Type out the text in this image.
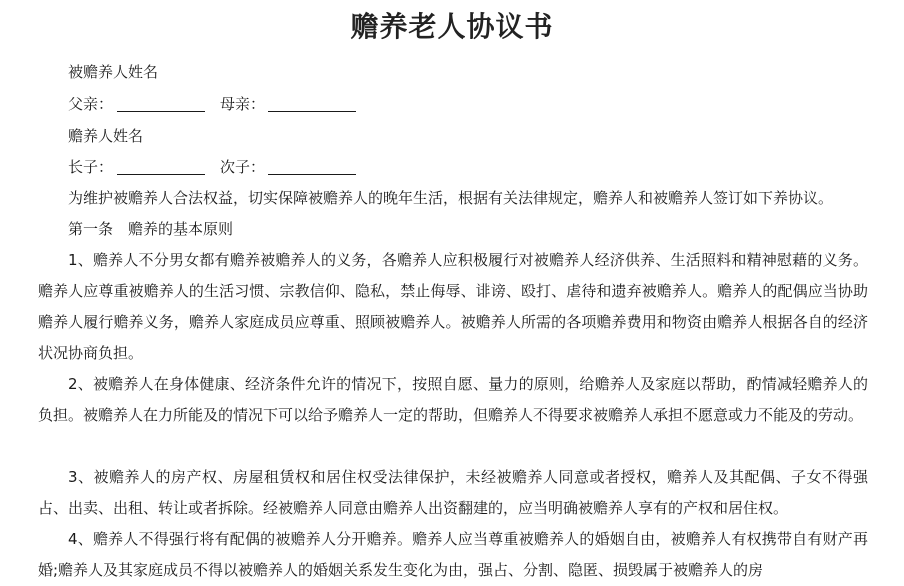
赡养老人协议书
被赡养人姓名
父亲：	母亲：
赡养人姓名
长子：	次子：
为维护被赡养人合法权益，切实保障被赡养人的晚年生活，根据有关法律规定，赡养人和被赡养人签订如下养协议。
第一条　赡养的基本原则
1、赡养人不分男女都有赡养被赡养人的义务，各赡养人应积极履行对被赡养人经济供养、生活照料和精神慰藉的义务。赡养人应尊重被赡养人的生活习惯、宗教信仰、隐私，禁止侮辱、诽谤、殴打、虐待和遗弃被赡养人。赡养人的配偶应当协助赡养人履行赡养义务，赡养人家庭成员应尊重、照顾被赡养人。被赡养人所需的各项赡养费用和物资由赡养人根据各自的经济状况协商负担。
2、被赡养人在身体健康、经济条件允许的情况下，按照自愿、量力的原则，给赡养人及家庭以帮助，酌情减轻赡养人的负担。被赡养人在力所能及的情况下可以给予赡养人一定的帮助，但赡养人不得要求被赡养人承担不愿意或力不能及的劳动。
3、被赡养人的房产权、房屋租赁权和居住权受法律保护，未经被赡养人同意或者授权，赡养人及其配偶、子女不得强占、出卖、出租、转让或者拆除。经被赡养人同意由赡养人出资翻建的，应当明确被赡养人享有的产权和居住权。
4、赡养人不得强行将有配偶的被赡养人分开赡养。赡养人应当尊重被赡养人的婚姻自由，被赡养人有权携带自有财产再婚;赡养人及其家庭成员不得以被赡养人的婚姻关系发生变化为由，强占、分割、隐匿、损毁属于被赡养人的房
